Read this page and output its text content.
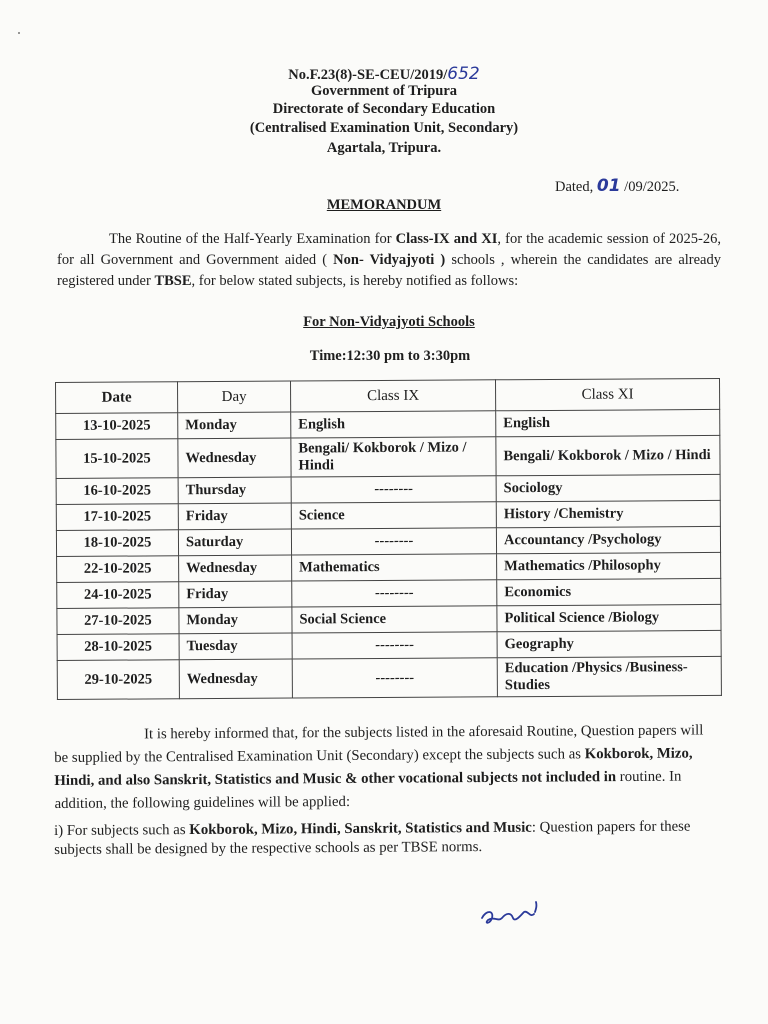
No.F.23(8)-SE-CEU/2019/652
Government of Tripura
Directorate of Secondary Education
(Centralised Examination Unit, Secondary)
Agartala, Tripura.
Dated, 01 /09/2025.
MEMORANDUM
The Routine of the Half-Yearly Examination for Class-IX and XI, for the academic session of 2025-26, for all Government and Government aided ( Non- Vidyajyoti ) schools , wherein the candidates are already registered under TBSE, for below stated subjects, is hereby notified as follows:
For Non-Vidyajyoti Schools
Time:12:30 pm to 3:30pm
Date	Day	Class IX	Class XI
13-10-2025	Monday	English	English
15-10-2025	Wednesday	Bengali/ Kokborok / Mizo / Hindi	Bengali/ Kokborok / Mizo / Hindi
16-10-2025	Thursday	--------	Sociology
17-10-2025	Friday	Science	History /Chemistry
18-10-2025	Saturday	--------	Accountancy /Psychology
22-10-2025	Wednesday	Mathematics	Mathematics /Philosophy
24-10-2025	Friday	--------	Economics
27-10-2025	Monday	Social Science	Political Science /Biology
28-10-2025	Tuesday	--------	Geography
29-10-2025	Wednesday	--------	Education /Physics /Business- Studies
It is hereby informed that, for the subjects listed in the aforesaid Routine, Question papers will be supplied by the Centralised Examination Unit (Secondary) except the subjects such as Kokborok, Mizo, Hindi, and also Sanskrit, Statistics and Music & other vocational subjects not included in routine. In addition, the following guidelines will be applied:
i) For subjects such as Kokborok, Mizo, Hindi, Sanskrit, Statistics and Music: Question papers for these subjects shall be designed by the respective schools as per TBSE norms.
